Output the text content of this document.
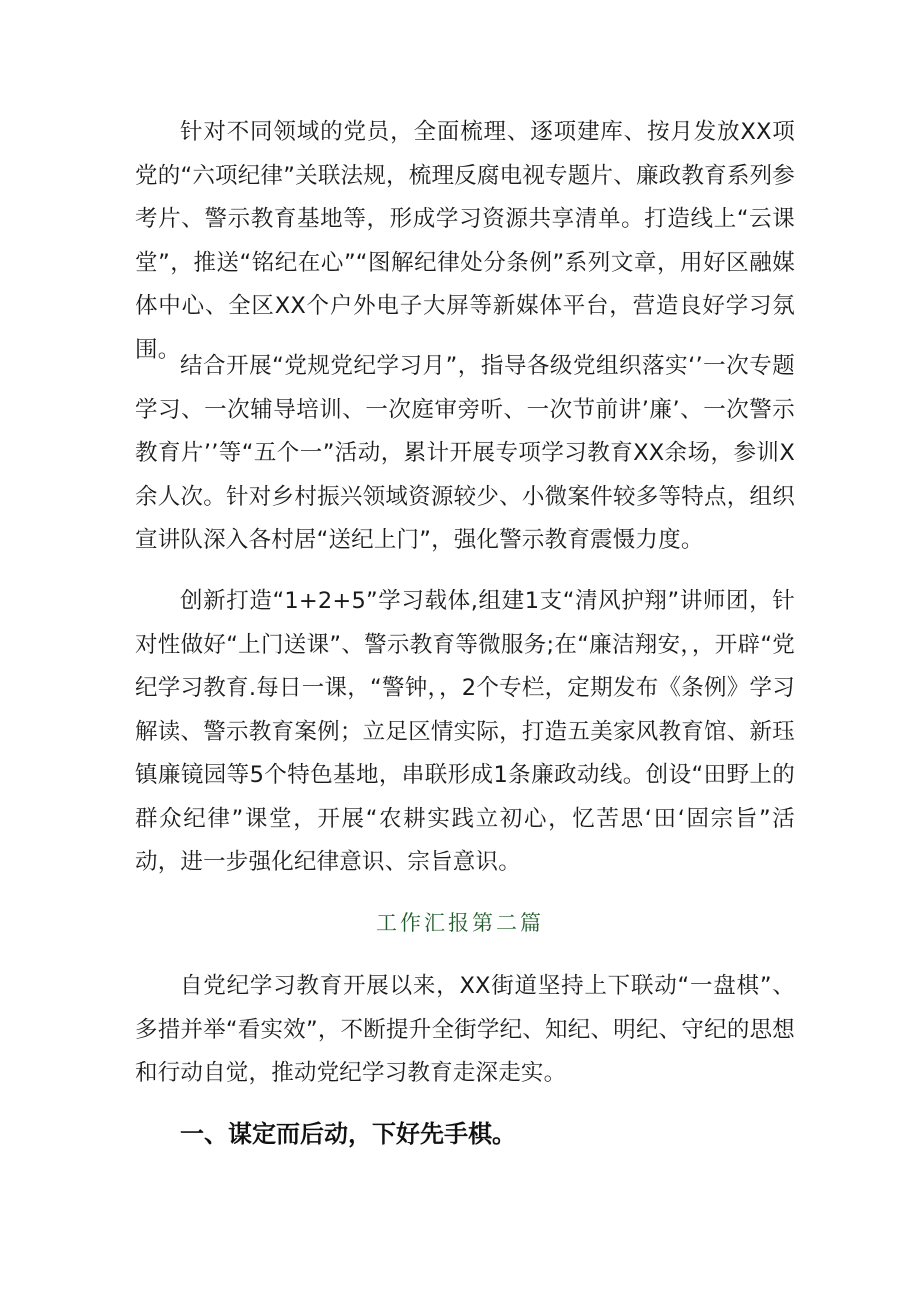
针对不同领域的党员，全面梳理、逐项建库、按月发放XX项党的“六项纪律”关联法规，梳理反腐电视专题片、廉政教育系列参考片、警示教育基地等，形成学习资源共享清单。打造线上“云课堂”，推送“铭纪在心”“图解纪律处分条例”系列文章，用好区融媒体中心、全区XX个户外电子大屏等新媒体平台，营造良好学习氛围。

结合开展“党规党纪学习月”，指导各级党组织落实‘’一次专题学习、一次辅导培训、一次庭审旁听、一次节前讲’廉’、一次警示教育片’’等“五个一”活动，累计开展专项学习教育XX余场，参训X余人次。针对乡村振兴领域资源较少、小微案件较多等特点，组织宣讲队深入各村居“送纪上门”，强化警示教育震慑力度。

创新打造“1+2+5”学习载体,组建1支“清风护翔”讲师团，针对性做好“上门送课”、警示教育等微服务;在“廉洁翔安，，开辟“党纪学习教育.每日一课，“警钟，，2个专栏，定期发布《条例》学习解读、警示教育案例；立足区情实际，打造五美家风教育馆、新珏镇廉镜园等5个特色基地，串联形成1条廉政动线。创设“田野上的群众纪律”课堂，开展“农耕实践立初心，忆苦思‘田‘固宗旨”活动，进一步强化纪律意识、宗旨意识。

工作汇报第二篇

自党纪学习教育开展以来，XX街道坚持上下联动“一盘棋”、多措并举“看实效”，不断提升全街学纪、知纪、明纪、守纪的思想和行动自觉，推动党纪学习教育走深走实。

一、谋定而后动，下好先手棋。
